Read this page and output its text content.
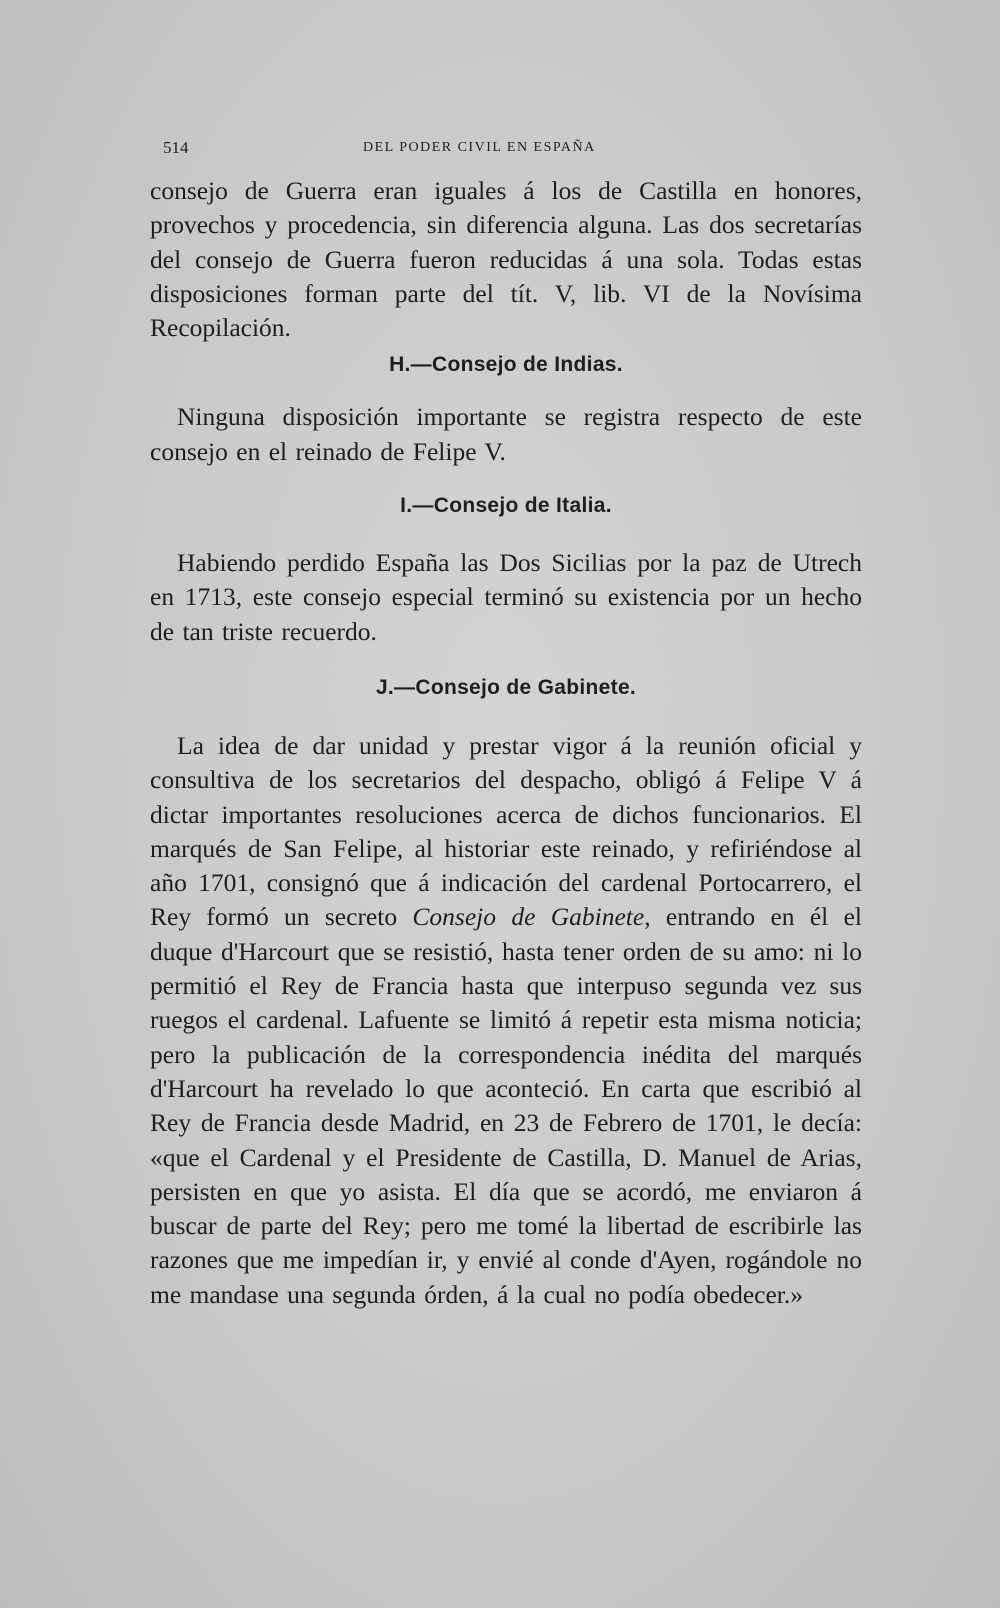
514	DEL PODER CIVIL EN ESPAÑA

consejo de Guerra eran iguales á los de Castilla en honores, provechos y procedencia, sin diferencia alguna. Las dos secretarías del consejo de Guerra fueron reducidas á una sola. Todas estas disposiciones forman parte del tít. V, lib. VI de la Novísima Recopilación.

H.—Consejo de Indias.

Ninguna disposición importante se registra respecto de este consejo en el reinado de Felipe V.

I.—Consejo de Italia.

Habiendo perdido España las Dos Sicilias por la paz de Utrech en 1713, este consejo especial terminó su existencia por un hecho de tan triste recuerdo.

J.—Consejo de Gabinete.

La idea de dar unidad y prestar vigor á la reunión oficial y consultiva de los secretarios del despacho, obligó á Felipe V á dictar importantes resoluciones acerca de dichos funcionarios. El marqués de San Felipe, al historiar este reinado, y refiriéndose al año 1701, consignó que á indicación del cardenal Portocarrero, el Rey formó un secreto Consejo de Gabinete, entrando en él el duque d'Harcourt que se resistió, hasta tener orden de su amo: ni lo permitió el Rey de Francia hasta que interpuso segunda vez sus ruegos el cardenal. Lafuente se limitó á repetir esta misma noticia; pero la publicación de la correspondencia inédita del marqués d'Harcourt ha revelado lo que aconteció. En carta que escribió al Rey de Francia desde Madrid, en 23 de Febrero de 1701, le decía: «que el Cardenal y el Presidente de Castilla, D. Manuel de Arias, persisten en que yo asista. El día que se acordó, me enviaron á buscar de parte del Rey; pero me tomé la libertad de escribirle las razones que me impedían ir, y envié al conde d'Ayen, rogándole no me mandase una segunda órden, á la cual no podía obedecer.»
